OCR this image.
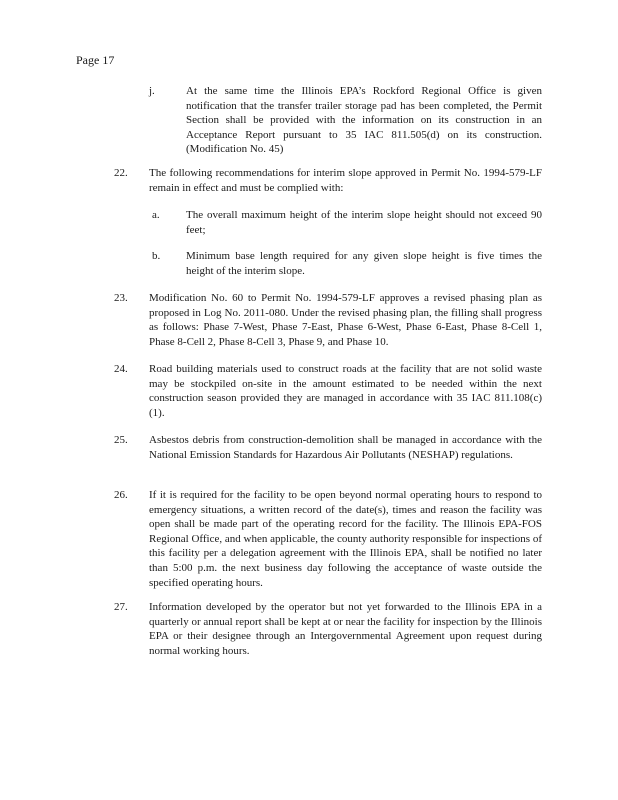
Page 17
j.	At the same time the Illinois EPA’s Rockford Regional Office is given notification that the transfer trailer storage pad has been completed, the Permit Section shall be provided with the information on its construction in an Acceptance Report pursuant to 35 IAC 811.505(d) on its construction. (Modification No. 45)

22. The following recommendations for interim slope approved in Permit No. 1994-579-LF remain in effect and must be complied with:

a. The overall maximum height of the interim slope height should not exceed 90 feet;

b. Minimum base length required for any given slope height is five times the height of the interim slope.

23. Modification No. 60 to Permit No. 1994-579-LF approves a revised phasing plan as proposed in Log No. 2011-080. Under the revised phasing plan, the filling shall progress as follows: Phase 7-West, Phase 7-East, Phase 6-West, Phase 6-East, Phase 8-Cell 1, Phase 8-Cell 2, Phase 8-Cell 3, Phase 9, and Phase 10.

24. Road building materials used to construct roads at the facility that are not solid waste may be stockpiled on-site in the amount estimated to be needed within the next construction season provided they are managed in accordance with 35 IAC 811.108(c)(1).

25. Asbestos debris from construction-demolition shall be managed in accordance with the National Emission Standards for Hazardous Air Pollutants (NESHAP) regulations.

26. If it is required for the facility to be open beyond normal operating hours to respond to emergency situations, a written record of the date(s), times and reason the facility was open shall be made part of the operating record for the facility. The Illinois EPA-FOS Regional Office, and when applicable, the county authority responsible for inspections of this facility per a delegation agreement with the Illinois EPA, shall be notified no later than 5:00 p.m. the next business day following the acceptance of waste outside the specified operating hours.

27. Information developed by the operator but not yet forwarded to the Illinois EPA in a quarterly or annual report shall be kept at or near the facility for inspection by the Illinois EPA or their designee through an Intergovernmental Agreement upon request during normal working hours.
